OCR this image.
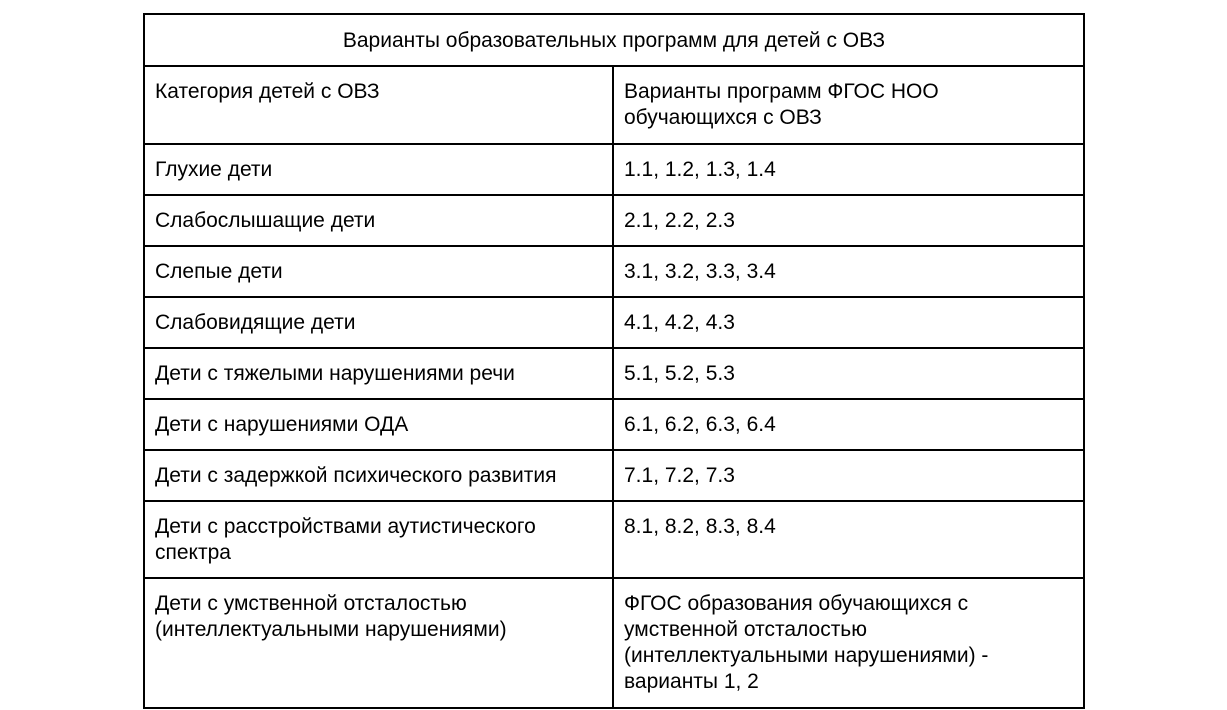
Варианты образовательных программ для детей с ОВЗ	
Категория детей с ОВЗ	Варианты программ ФГОС НОО обучающихся с ОВЗ
Глухие дети	1.1, 1.2, 1.3, 1.4
Слабослышащие дети	2.1, 2.2, 2.3
Слепые дети	3.1, 3.2, 3.3, 3.4
Слабовидящие дети	4.1, 4.2, 4.3
Дети с тяжелыми нарушениями речи	5.1, 5.2, 5.3
Дети с нарушениями ОДА	6.1, 6.2, 6.3, 6.4
Дети с задержкой психического развития	7.1, 7.2, 7.3
Дети с расстройствами аутистического спектра	8.1, 8.2, 8.3, 8.4
Дети с умственной отсталостью (интеллектуальными нарушениями)	ФГОС образования обучающихся с умственной отсталостью (интеллектуальными нарушениями) - варианты 1, 2
